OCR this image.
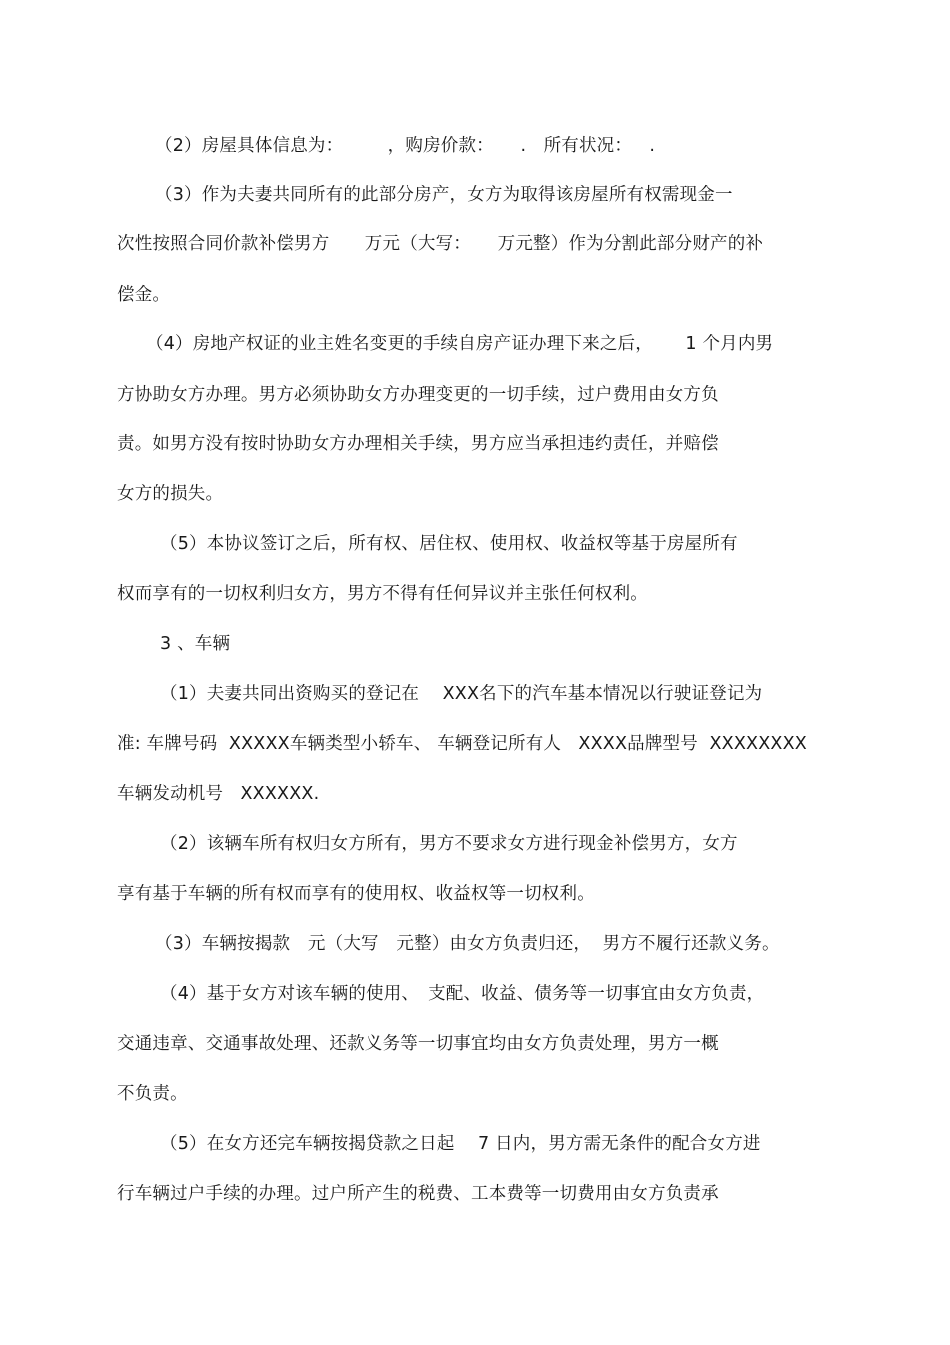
（2）房屋具体信息为：　　　，购房价款：　　.   所有状况：   .
（3）作为夫妻共同所有的此部分房产，女方为取得该房屋所有权需现金一
次性按照合同价款补偿男方　　万元（大写：　　万元整）作为分割此部分财产的补
偿金。
（4）房地产权证的业主姓名变更的手续自房产证办理下来之后，　　 1 个月内男
方协助女方办理。男方必须协助女方办理变更的一切手续，过户费用由女方负
责。如男方没有按时协助女方办理相关手续，男方应当承担违约责任，并赔偿
女方的损失。
（5）本协议签订之后，所有权、居住权、使用权、收益权等基于房屋所有
权而享有的一切权利归女方，男方不得有任何异议并主张任何权利。
3 、车辆
（1）夫妻共同出资购买的登记在　 XXX名下的汽车基本情况以行驶证登记为
准: 车牌号码  XXXXX车辆类型小轿车、 车辆登记所有人   XXXX品牌型号  XXXXXXXX
车辆发动机号   XXXXXX.
（2）该辆车所有权归女方所有，男方不要求女方进行现金补偿男方，女方
享有基于车辆的所有权而享有的使用权、收益权等一切权利。
（3）车辆按揭款　元（大写　元整）由女方负责归还，  男方不履行还款义务。
（4）基于女方对该车辆的使用、　支配、收益、债务等一切事宜由女方负责，
交通违章、交通事故处理、还款义务等一切事宜均由女方负责处理，男方一概
不负责。
（5）在女方还完车辆按揭贷款之日起　 7 日内，男方需无条件的配合女方进
行车辆过户手续的办理。过户所产生的税费、工本费等一切费用由女方负责承
